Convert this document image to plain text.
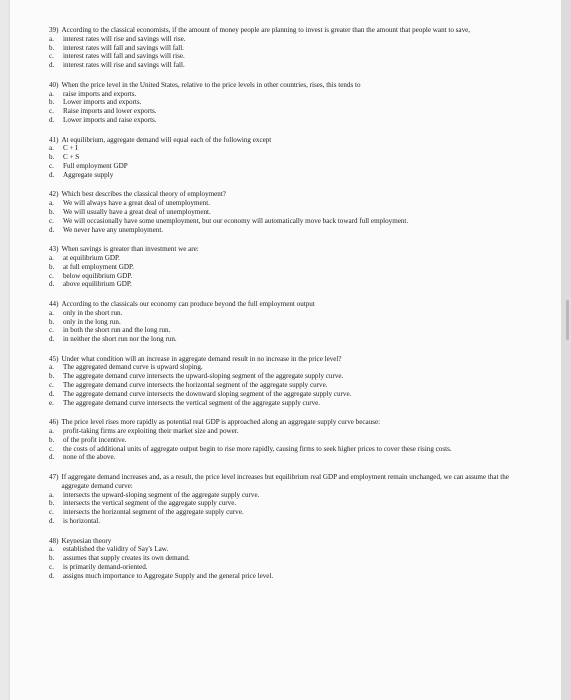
39) According to the classical economists, if the amount of money people are planning to invest is greater than the amount that people want to save,
a.	interest rates will rise and savings will rise.
b.	interest rates will fall and savings will fall.
c.	interest rates will fall and savings will rise.
d.	interest rates will rise and savings will fall.
40) When the price level in the United States, relative to the price levels in other countries, rises, this tends to
a.	raise imports and exports.
b.	Lower imports and exports.
c.	Raise imports and lower exports.
d.	Lower imports and raise exports.
41) At equilibrium, aggregate demand will equal each of the following except
a.	C + I
b.	C + S
c.	Full employment GDP
d.	Aggregate supply
42) Which best describes the classical theory of employment?
a.	We will always have a great deal of unemployment.
b.	We will usually have a great deal of unemployment.
c.	We will occasionally have some unemployment, but our economy will automatically move back toward full employment.
d.	We never have any unemployment.
43) When savings is greater than investment we are:
a.	at equilibrium GDP.
b.	at full employment GDP.
c.	below equilibrium GDP.
d.	above equilibrium GDP.
44) According to the classicals our economy can produce beyond the full employment output
a.	only in the short run.
b.	only in the long run.
c.	in both the short run and the long run.
d.	in neither the short run nor the long run.
45) Under what condition will an increase in aggregate demand result in no increase in the price level?
a.	The aggregated demand curve is upward sloping.
b.	The aggregate demand curve intersects the upward-sloping segment of the aggregate supply curve.
c.	The aggregate demand curve intersects the horizontal segment of the aggregate supply curve.
d.	The aggregate demand curve intersects the downward sloping segment of the aggregate supply curve.
e.	The aggregate demand curve intersects the vertical segment of the aggregate supply curve.
46) The price level rises more rapidly as potential real GDP is approached along an aggregate supply curve because:
a.	profit-taking firms are exploiting their market size and power.
b.	of the profit incentive.
c.	the costs of additional units of aggregate output begin to rise more rapidly, causing firms to seek higher prices to cover these rising costs.
d.	none of the above.
47) If aggregate demand increases and, as a result, the price level increases but equilibrium real GDP and employment remain unchanged, we can assume that the aggregate demand curve:
a.	intersects the upward-sloping segment of the aggregate supply curve.
b.	intersects the vertical segment of the aggregate supply curve.
c.	intersects the horizontal segment of the aggregate supply curve.
d.	is horizontal.
48) Keynesian theory
a.	established the validity of Say's Law.
b.	assumes that supply creates its own demand.
c.	is primarily demand-oriented.
d.	assigns much importance to Aggregate Supply and the general price level.
